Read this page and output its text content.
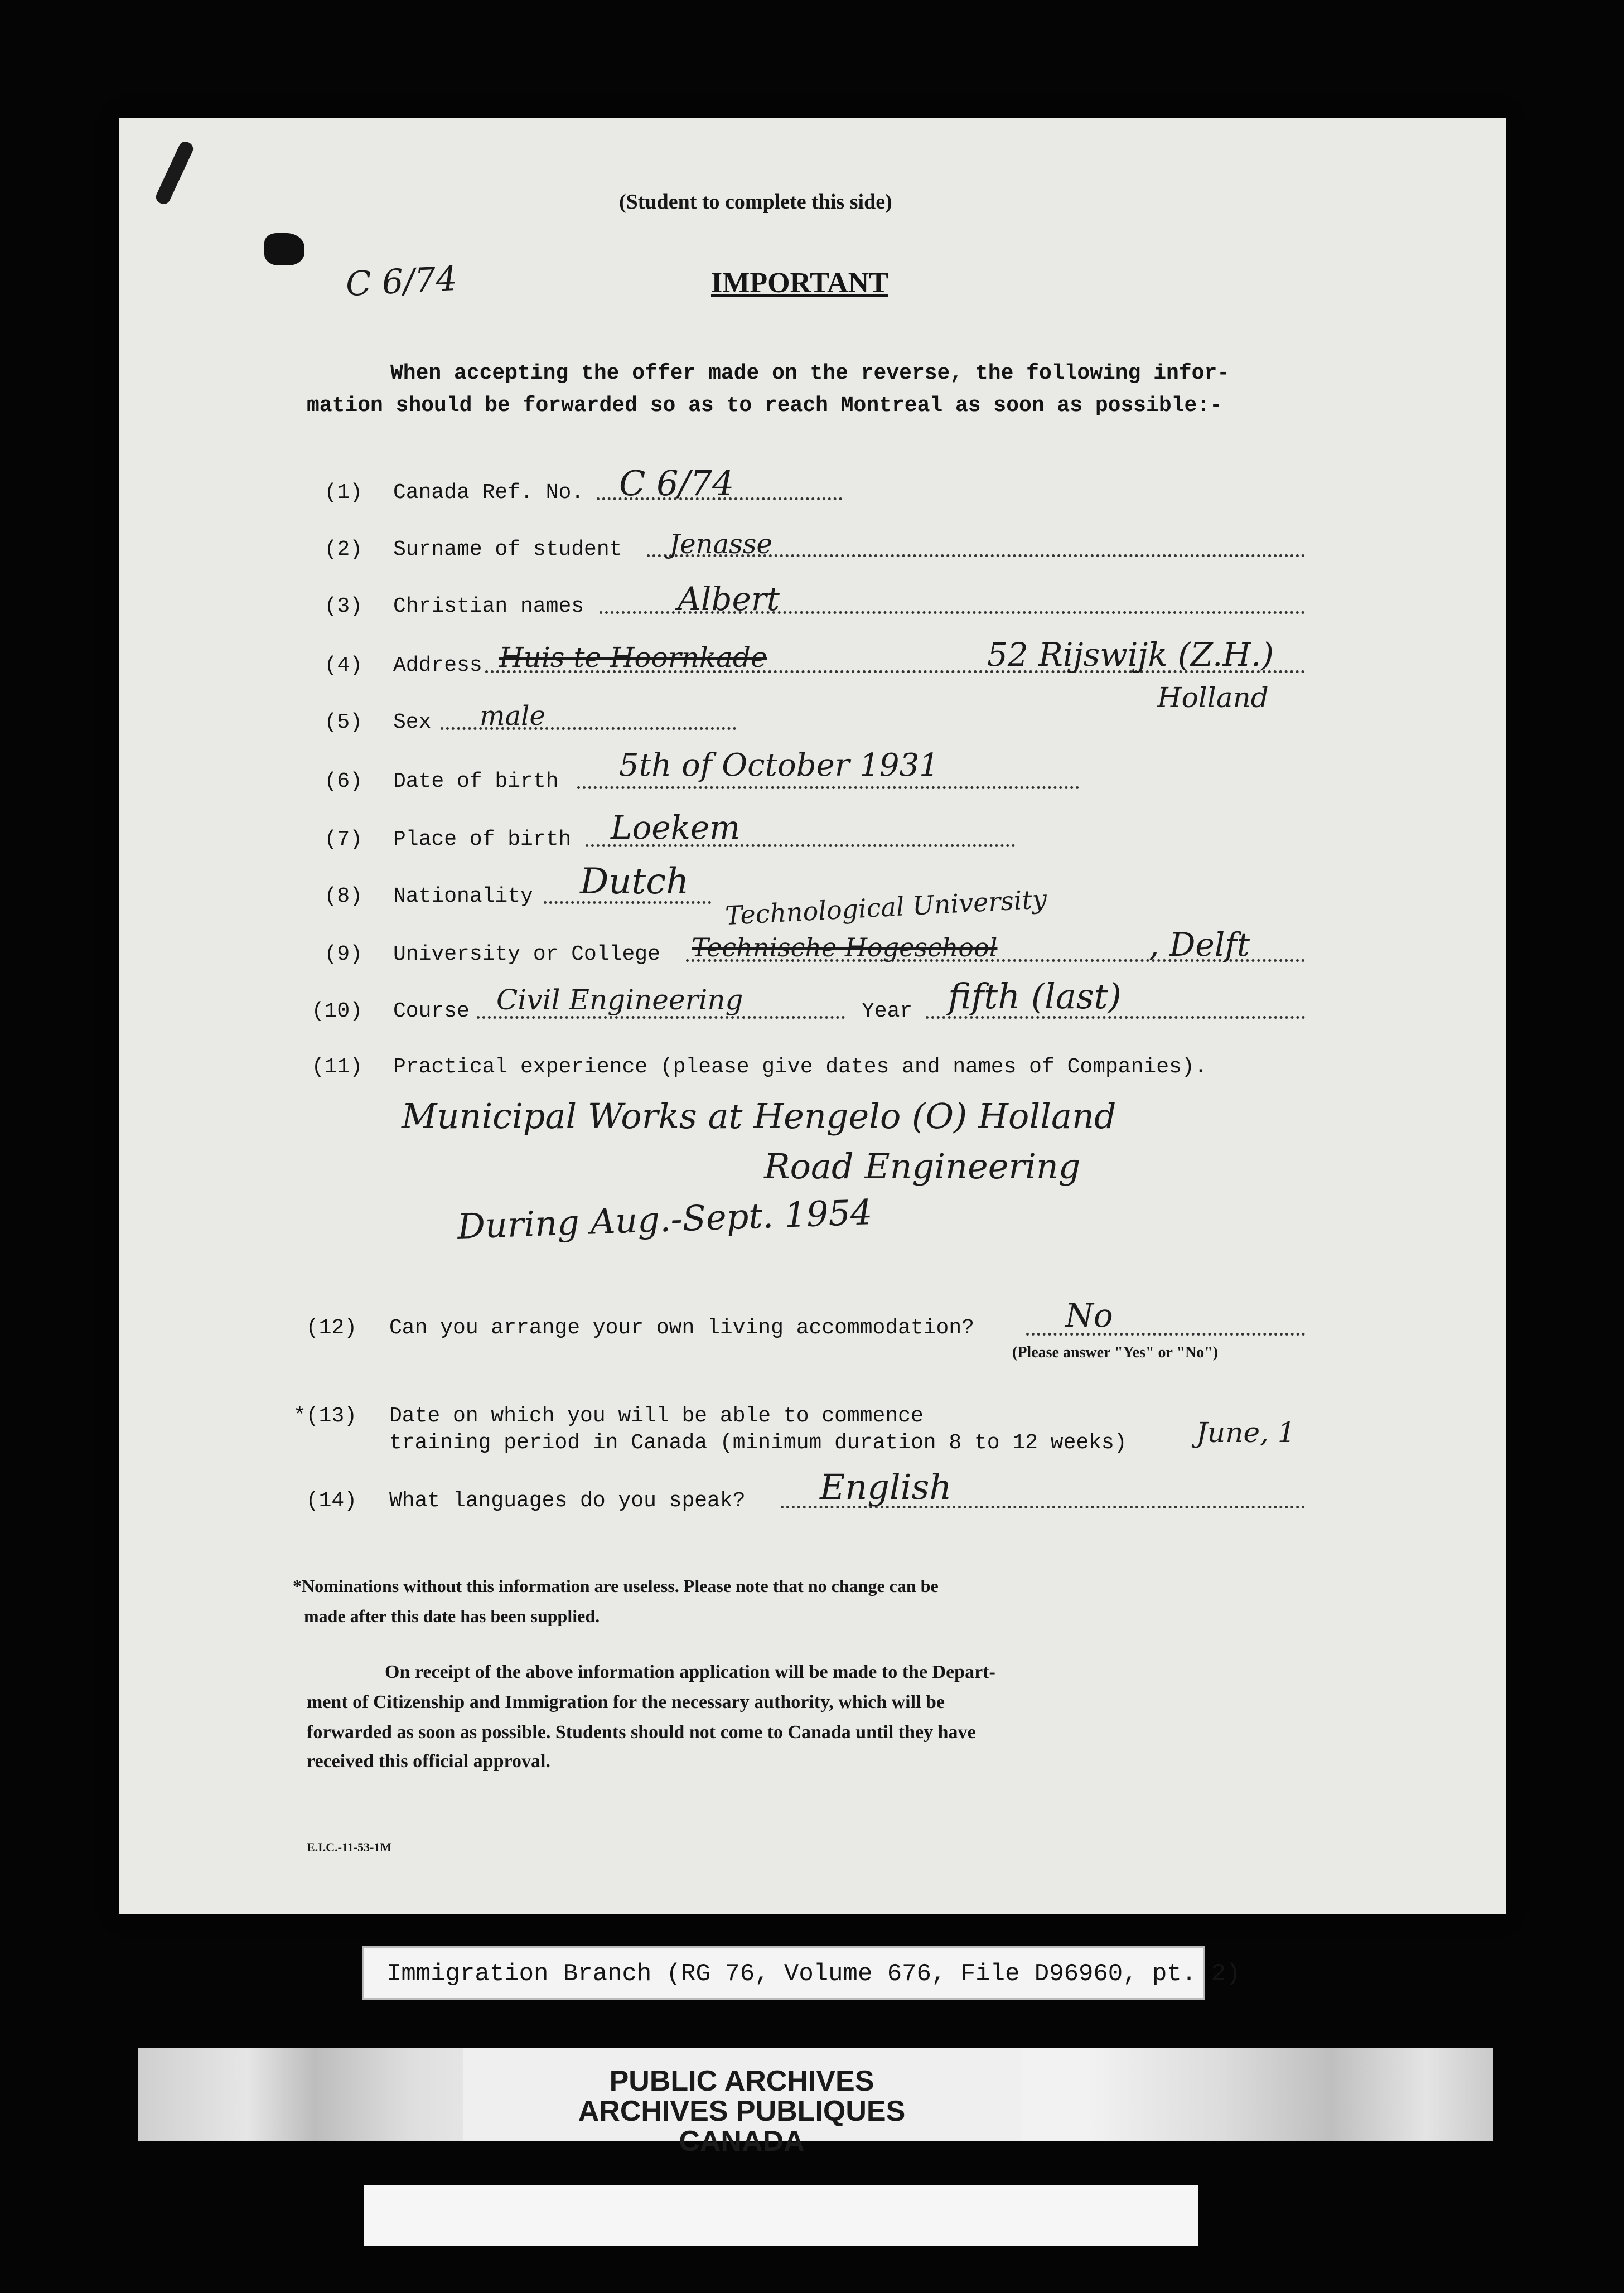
C 6/74
(Student to complete this side)
IMPORTANT
When accepting the offer made on the reverse, the following infor-
mation should be forwarded so as to reach Montreal as soon as possible:-
(1) Canada Ref. No. C 6/74
(2) Surname of student Jenasse
(3) Christian names	Albert
(4) Address Huis te Hoornkade	52 Rijswijk (Z.H.)
Holland
(5) Sex male
(6) Date of birth 5th of October 1931
(7) Place of birth Loekem
(8) Nationality Dutch
Technological University
(9) University or College Technische Hogeschool	, Delft
(10) Course Civil Engineering	Year fifth (last)
(11) Practical experience (please give dates and names of Companies).
Municipal Works at Hengelo (O) Holland
Road Engineering
During Aug.-Sept. 1954
(12) Can you arrange your own living accommodation?	No
(Please answer "Yes" or "No")
*(13) Date on which you will be able to commence
training period in Canada (minimum duration 8 to 12 weeks) June, 1
(14) What languages do you speak? English
*Nominations without this information are useless. Please note that no change can be
made after this date has been supplied.
On receipt of the above information application will be made to the Depart-
ment of Citizenship and Immigration for the necessary authority, which will be
forwarded as soon as possible. Students should not come to Canada until they have
received this official approval.
E.I.C.-11-53-1M
Immigration Branch (RG 76, Volume 676, File D96960, pt. 2)
PUBLIC ARCHIVES
ARCHIVES PUBLIQUES
CANADA
